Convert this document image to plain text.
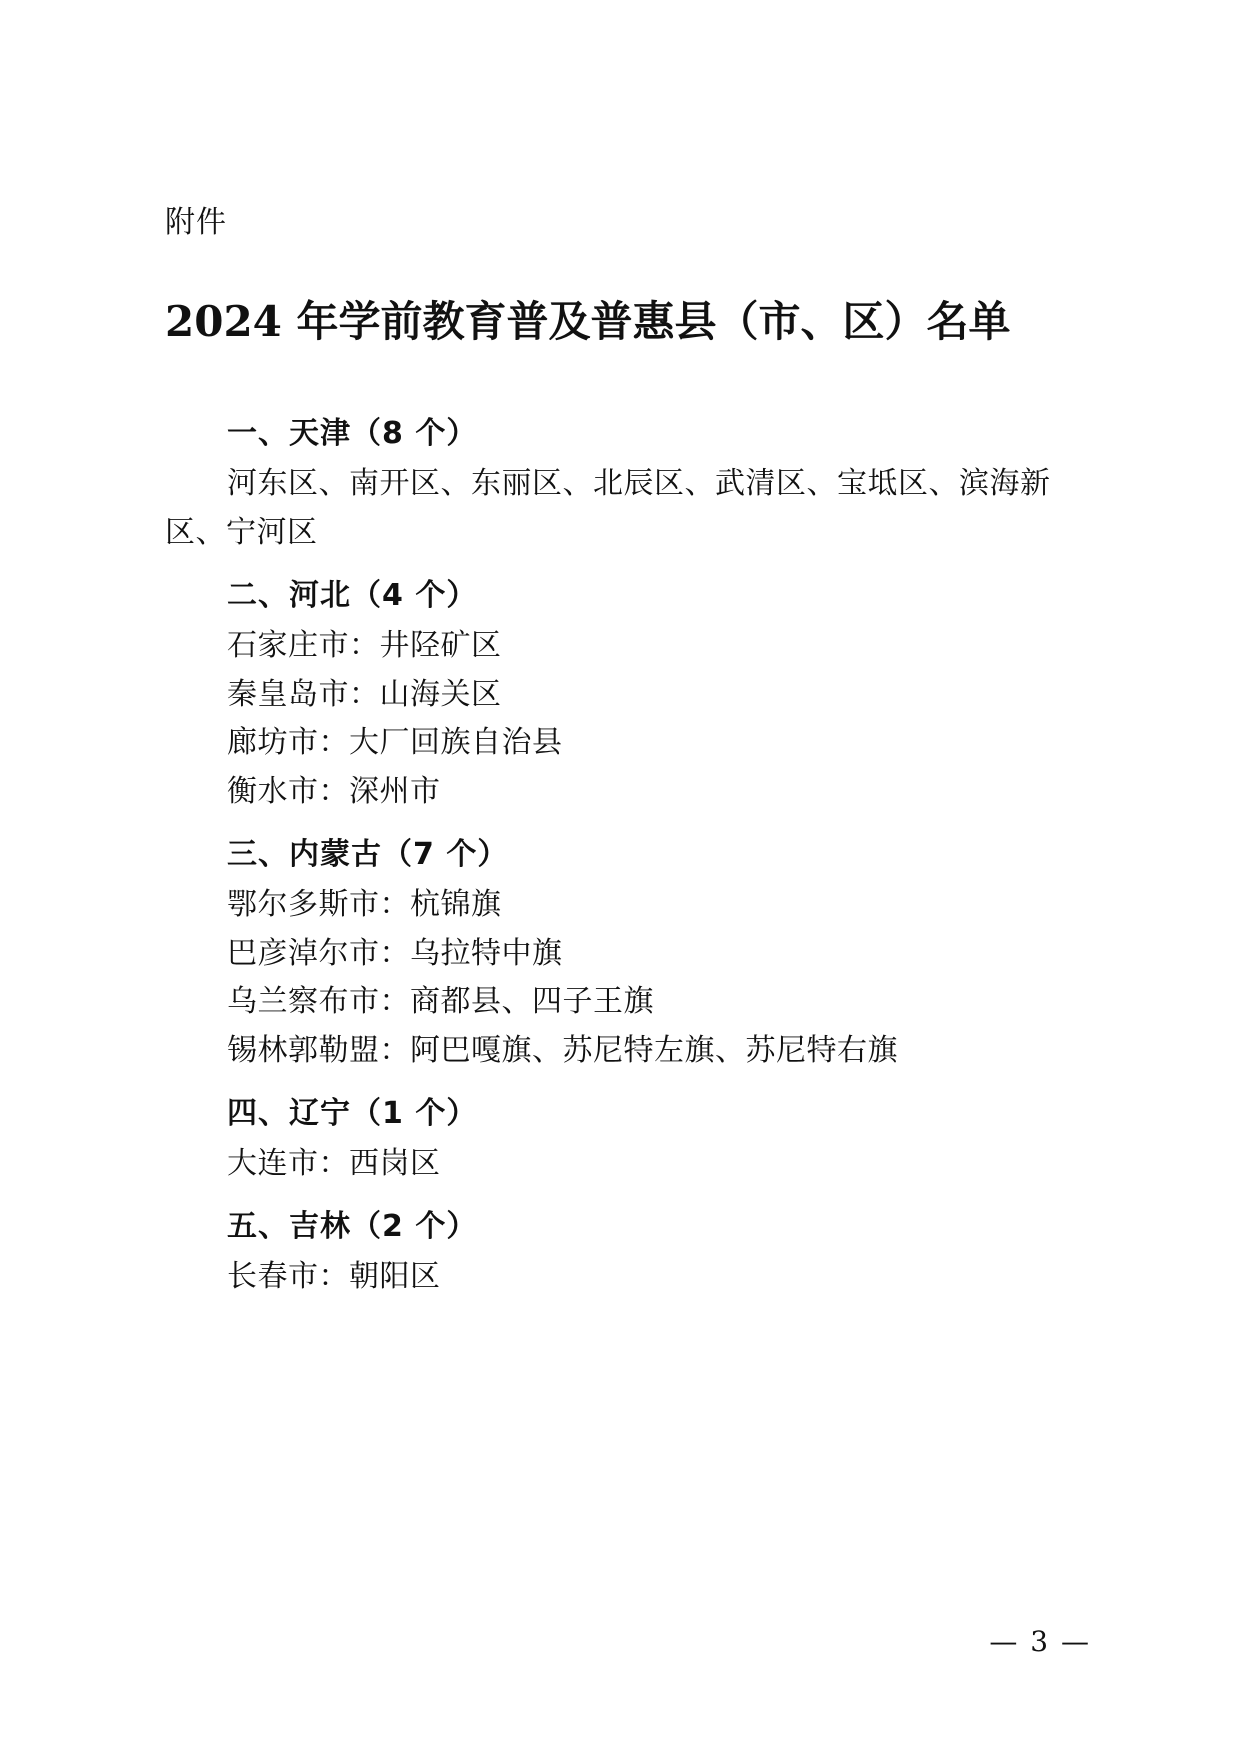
附件
2024 年学前教育普及普惠县（市、区）名单
一、天津（8 个）
河东区、南开区、东丽区、北辰区、武清区、宝坻区、滨海新区、宁河区
二、河北（4 个）
石家庄市：井陉矿区
秦皇岛市：山海关区
廊坊市：大厂回族自治县
衡水市：深州市
三、内蒙古（7 个）
鄂尔多斯市：杭锦旗
巴彦淖尔市：乌拉特中旗
乌兰察布市：商都县、四子王旗
锡林郭勒盟：阿巴嘎旗、苏尼特左旗、苏尼特右旗
四、辽宁（1 个）
大连市：西岗区
五、吉林（2 个）
长春市：朝阳区
— 3 —
